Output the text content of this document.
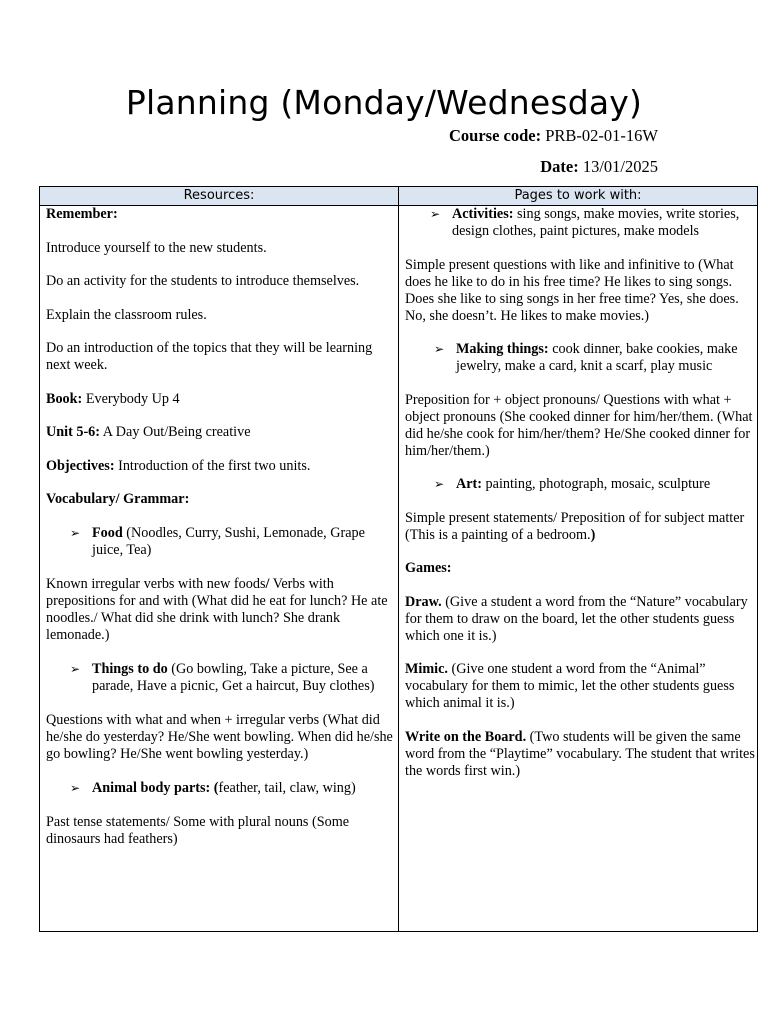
Planning (Monday/Wednesday)
Course code: PRB-02-01-16W
Date: 13/01/2025
Resources:	Pages to work with:

Remember:

Introduce yourself to the new students.

Do an activity for the students to introduce themselves.

Explain the classroom rules.

Do an introduction of the topics that they will be learning next week.

Book: Everybody Up 4

Unit 5-6: A Day Out/Being creative

Objectives: Introduction of the first two units.

Vocabulary/ Grammar:

➢ Food (Noodles, Curry, Sushi, Lemonade, Grape juice, Tea)

Known irregular verbs with new foods/ Verbs with prepositions for and with (What did he eat for lunch? He ate noodles./ What did she drink with lunch? She drank lemonade.)

➢ Things to do (Go bowling, Take a picture, See a parade, Have a picnic, Get a haircut, Buy clothes)

Questions with what and when + irregular verbs (What did he/she do yesterday? He/She went bowling. When did he/she go bowling? He/She went bowling yesterday.)

➢ Animal body parts: (feather, tail, claw, wing)

Past tense statements/ Some with plural nouns (Some dinosaurs had feathers)

➢ Activities: sing songs, make movies, write stories, design clothes, paint pictures, make models

Simple present questions with like and infinitive to (What does he like to do in his free time? He likes to sing songs. Does she like to sing songs in her free time? Yes, she does. No, she doesn’t. He likes to make movies.)

➢ Making things: cook dinner, bake cookies, make jewelry, make a card, knit a scarf, play music

Preposition for + object pronouns/ Questions with what + object pronouns (She cooked dinner for him/her/them. (What did he/she cook for him/her/them? He/She cooked dinner for him/her/them.)

➢ Art: painting, photograph, mosaic, sculpture

Simple present statements/ Preposition of for subject matter (This is a painting of a bedroom.)

Games:

Draw. (Give a student a word from the “Nature” vocabulary for them to draw on the board, let the other students guess which one it is.)

Mimic. (Give one student a word from the “Animal” vocabulary for them to mimic, let the other students guess which animal it is.)

Write on the Board. (Two students will be given the same word from the “Playtime” vocabulary. The student that writes the words first win.)
